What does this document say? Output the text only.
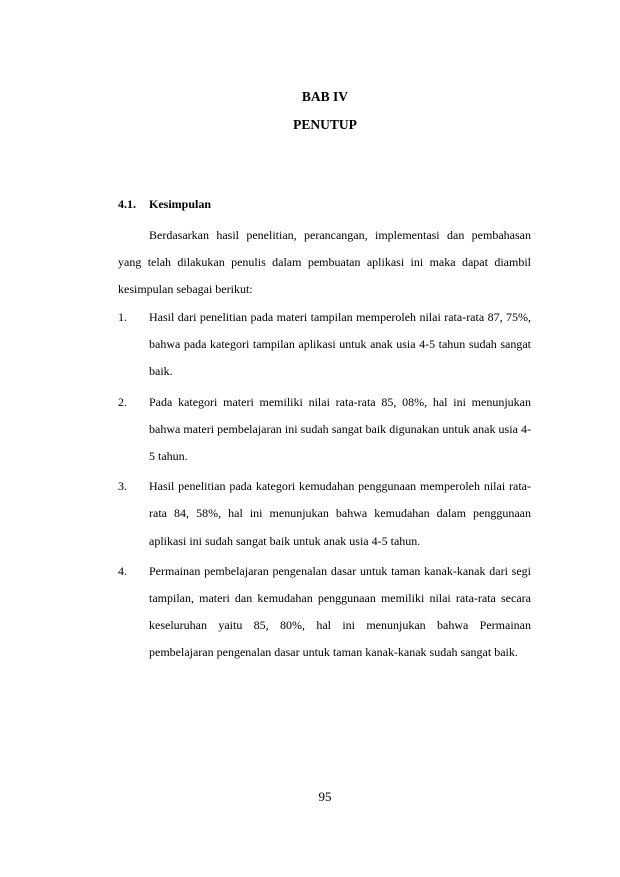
BAB IV
PENUTUP
4.1. Kesimpulan

Berdasarkan hasil penelitian, perancangan, implementasi dan pembahasan yang telah dilakukan penulis dalam pembuatan aplikasi ini maka dapat diambil kesimpulan sebagai berikut:

1. Hasil dari penelitian pada materi tampilan memperoleh nilai rata-rata 87, 75%, bahwa pada kategori tampilan aplikasi untuk anak usia 4-5 tahun sudah sangat baik.
2. Pada kategori materi memiliki nilai rata-rata 85, 08%, hal ini menunjukan bahwa materi pembelajaran ini sudah sangat baik digunakan untuk anak usia 4-5 tahun.
3. Hasil penelitian pada kategori kemudahan penggunaan memperoleh nilai rata-rata 84, 58%, hal ini menunjukan bahwa kemudahan dalam penggunaan aplikasi ini sudah sangat baik untuk anak usia 4-5 tahun.
4. Permainan pembelajaran pengenalan dasar untuk taman kanak-kanak dari segi tampilan, materi dan kemudahan penggunaan memiliki nilai rata-rata secara keseluruhan yaitu 85, 80%, hal ini menunjukan bahwa Permainan pembelajaran pengenalan dasar untuk taman kanak-kanak sudah sangat baik.
95
